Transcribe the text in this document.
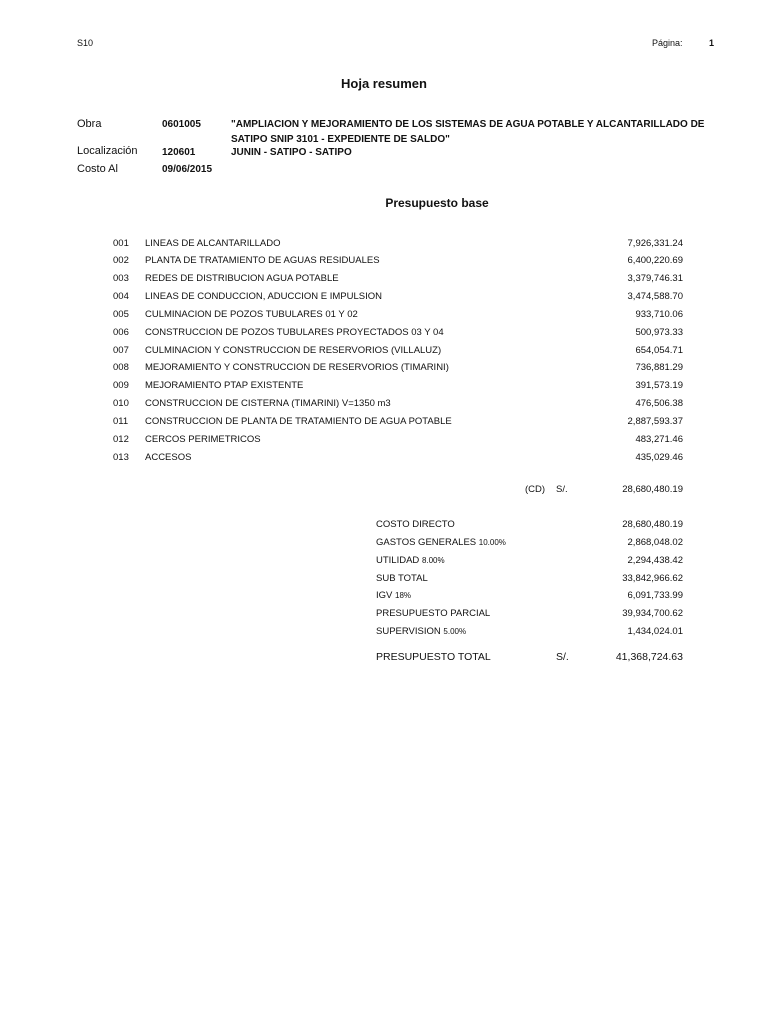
S10	Página:	1
Hoja resumen
Obra	0601005	"AMPLIACION Y MEJORAMIENTO DE LOS SISTEMAS DE AGUA POTABLE Y ALCANTARILLADO DE SATIPO SNIP 3101 - EXPEDIENTE DE SALDO"
Localización 120601	JUNIN - SATIPO - SATIPO
Costo Al	09/06/2015
Presupuesto base
001 LINEAS DE ALCANTARILLADO	7,926,331.24
002 PLANTA DE TRATAMIENTO DE AGUAS RESIDUALES	6,400,220.69
003 REDES DE DISTRIBUCION AGUA POTABLE	3,379,746.31
004 LINEAS DE CONDUCCION, ADUCCION E IMPULSION	3,474,588.70
005 CULMINACION DE POZOS TUBULARES 01 Y 02	933,710.06
006 CONSTRUCCION DE POZOS TUBULARES PROYECTADOS 03 Y 04	500,973.33
007 CULMINACION Y CONSTRUCCION DE RESERVORIOS (VILLALUZ)	654,054.71
008 MEJORAMIENTO Y CONSTRUCCION DE RESERVORIOS (TIMARINI)	736,881.29
009 MEJORAMIENTO PTAP EXISTENTE	391,573.19
010 CONSTRUCCION DE CISTERNA (TIMARINI) V=1350 m3	476,506.38
011 CONSTRUCCION DE PLANTA DE TRATAMIENTO DE AGUA POTABLE	2,887,593.37
012 CERCOS PERIMETRICOS	483,271.46
013 ACCESOS	435,029.46
(CD) S/.	28,680,480.19
COSTO DIRECTO	28,680,480.19
GASTOS GENERALES 10.00%	2,868,048.02
UTILIDAD 8.00%	2,294,438.42
SUB TOTAL	33,842,966.62
IGV 18%	6,091,733.99
PRESUPUESTO PARCIAL	39,934,700.62
SUPERVISION 5.00%	1,434,024.01
PRESUPUESTO TOTAL	S/.	41,368,724.63
